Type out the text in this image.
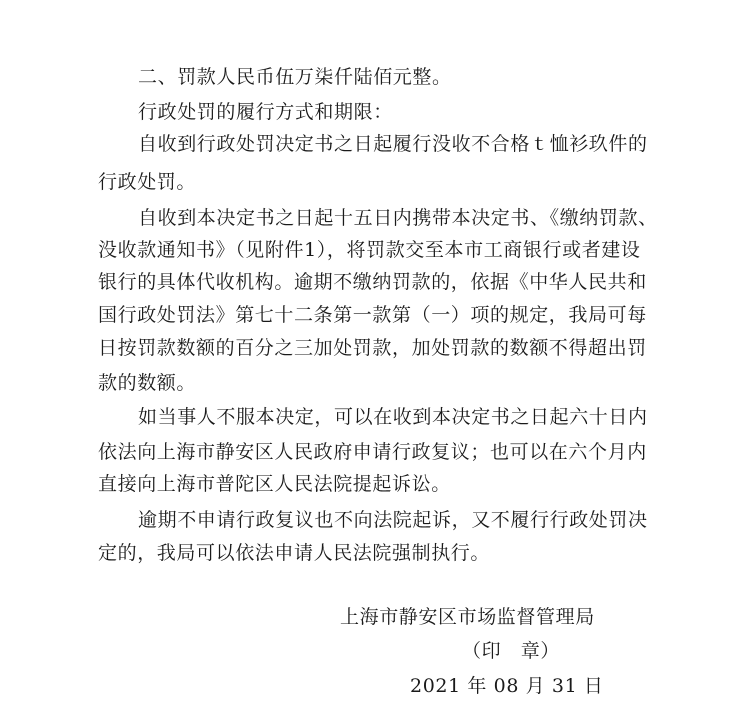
二、罚款人民币伍万柒仟陆佰元整。
行政处罚的履行方式和期限：
自收到行政处罚决定书之日起履行没收不合格ｔ恤衫玖件的
行政处罚。
自收到本决定书之日起十五日内携带本决定书、《缴纳罚款、
没收款通知书》（见附件1），将罚款交至本市工商银行或者建设
银行的具体代收机构。逾期不缴纳罚款的，依据《中华人民共和
国行政处罚法》第七十二条第一款第（一）项的规定，我局可每
日按罚款数额的百分之三加处罚款，加处罚款的数额不得超出罚
款的数额。
如当事人不服本决定，可以在收到本决定书之日起六十日内
依法向上海市静安区人民政府申请行政复议；也可以在六个月内
直接向上海市普陀区人民法院提起诉讼。
逾期不申请行政复议也不向法院起诉，又不履行行政处罚决
定的，我局可以依法申请人民法院强制执行。
上海市静安区市场监督管理局
（印　章）
2021 年 08 月 31 日
